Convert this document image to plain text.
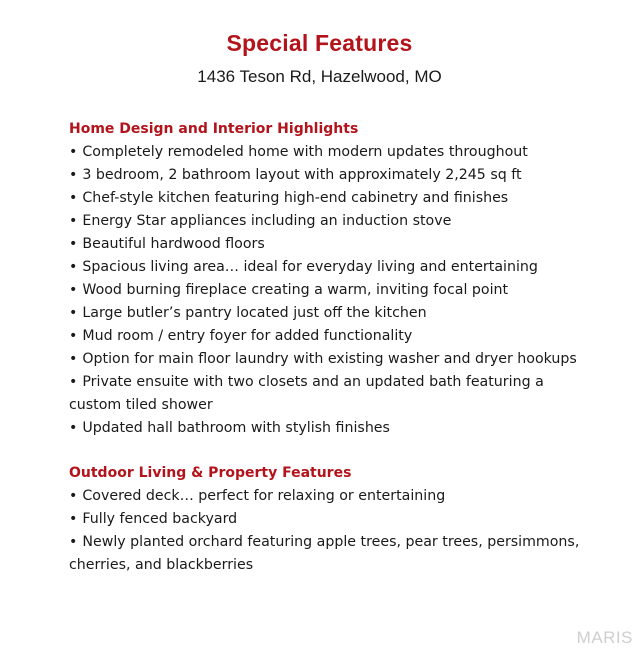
Special Features
1436 Teson Rd, Hazelwood, MO
Home Design and Interior Highlights
• Completely remodeled home with modern updates throughout
• 3 bedroom, 2 bathroom layout with approximately 2,245 sq ft
• Chef-style kitchen featuring high-end cabinetry and finishes
• Energy Star appliances including an induction stove
• Beautiful hardwood floors
• Spacious living area… ideal for everyday living and entertaining
• Wood burning fireplace creating a warm, inviting focal point
• Large butler’s pantry located just off the kitchen
• Mud room / entry foyer for added functionality
• Option for main floor laundry with existing washer and dryer hookups
• Private ensuite with two closets and an updated bath featuring a custom tiled shower
• Updated hall bathroom with stylish finishes
Outdoor Living & Property Features
• Covered deck… perfect for relaxing or entertaining
• Fully fenced backyard
• Newly planted orchard featuring apple trees, pear trees, persimmons, cherries, and blackberries
MARIS
